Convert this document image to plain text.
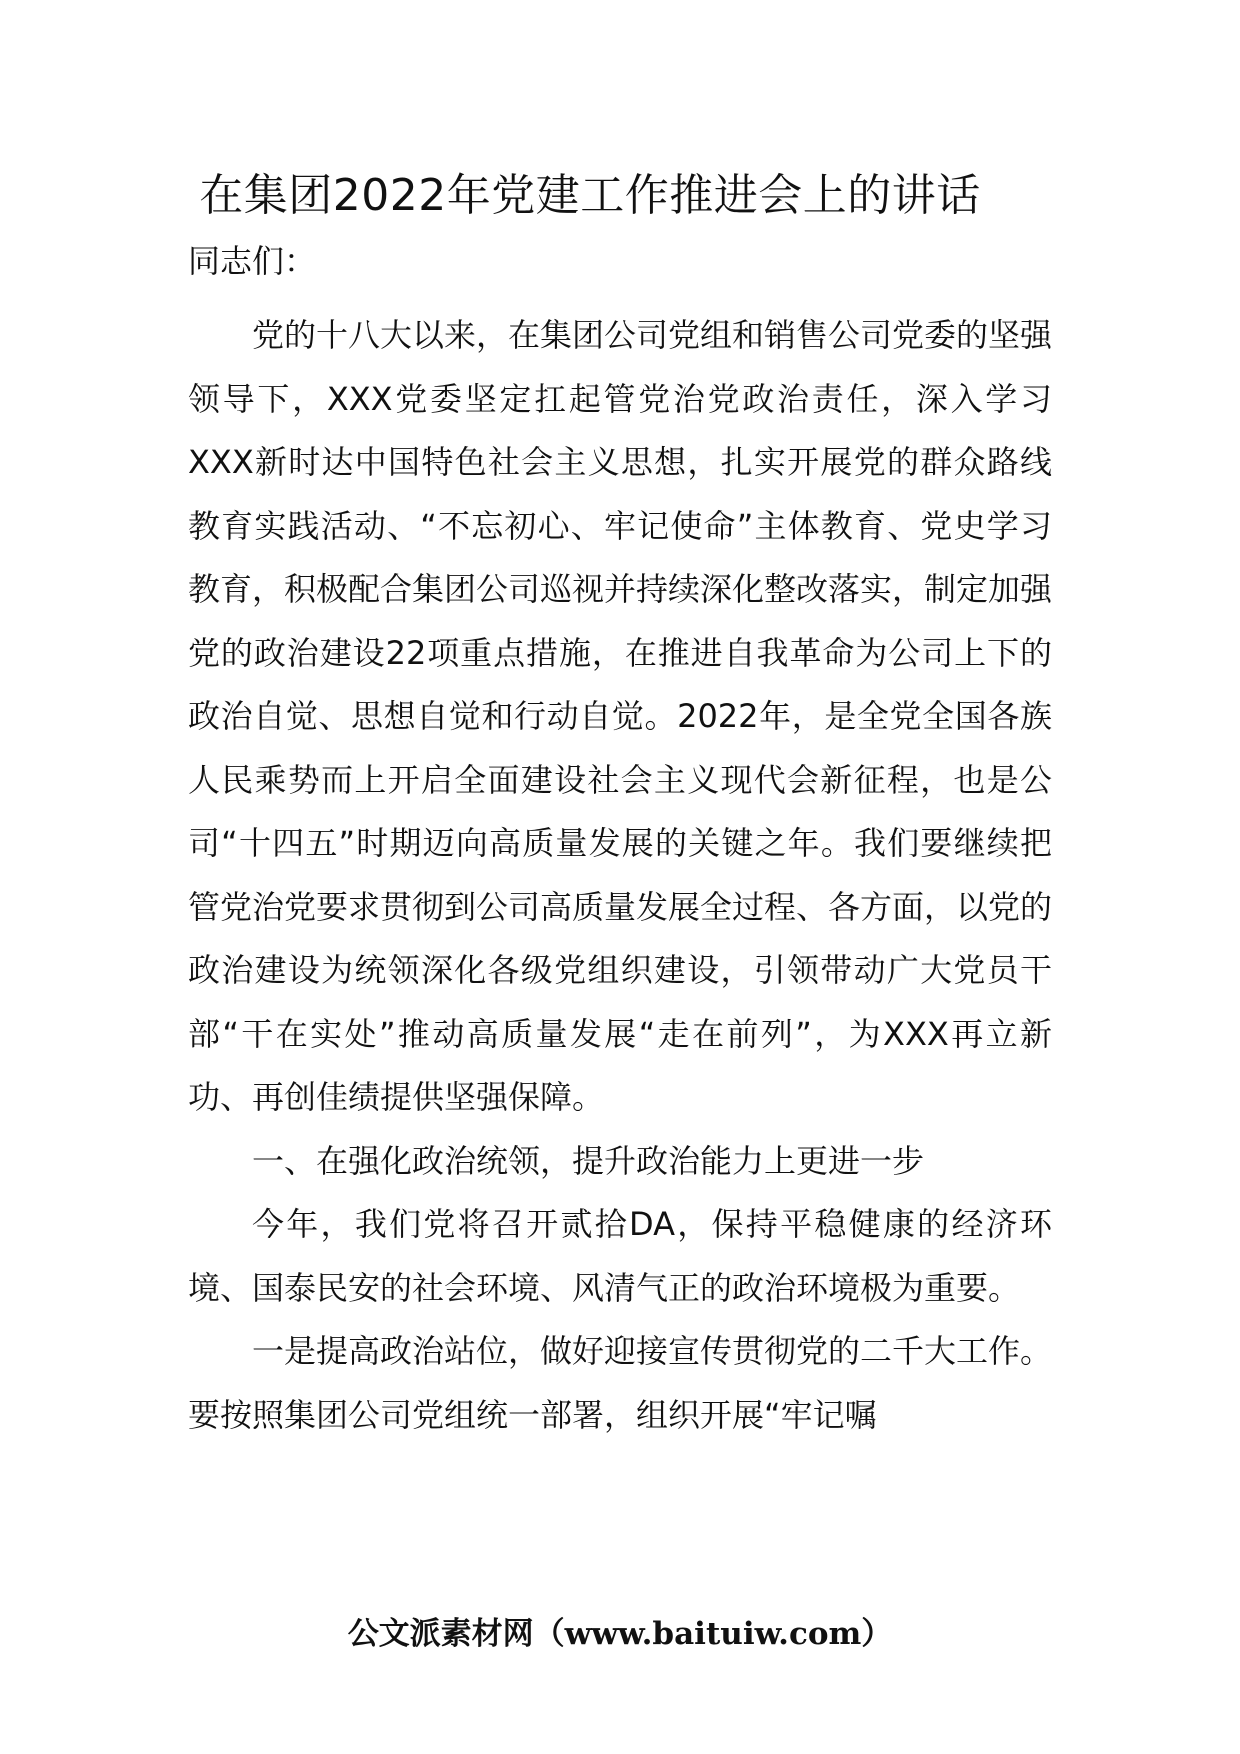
在集团2022年党建工作推进会上的讲话

同志们：

党的十八大以来，在集团公司党组和销售公司党委的坚强领导下，XXX党委坚定扛起管党治党政治责任，深入学习XXX新时达中国特色社会主义思想，扎实开展党的群众路线教育实践活动、“不忘初心、牢记使命”主体教育、党史学习教育，积极配合集团公司巡视并持续深化整改落实，制定加强党的政治建设22项重点措施，在推进自我革命为公司上下的政治自觉、思想自觉和行动自觉。2022年，是全党全国各族人民乘势而上开启全面建设社会主义现代会新征程，也是公司“十四五”时期迈向高质量发展的关键之年。我们要继续把管党治党要求贯彻到公司高质量发展全过程、各方面，以党的政治建设为统领深化各级党组织建设，引领带动广大党员干部“干在实处”推动高质量发展“走在前列”，为XXX再立新功、再创佳绩提供坚强保障。

一、在强化政治统领，提升政治能力上更进一步

今年，我们党将召开贰拾DA，保持平稳健康的经济环境、国泰民安的社会环境、风清气正的政治环境极为重要。

一是提高政治站位，做好迎接宣传贯彻党的二千大工作。要按照集团公司党组统一部署，组织开展“牢记嘱

公文派素材网（www.baituiw.com）
